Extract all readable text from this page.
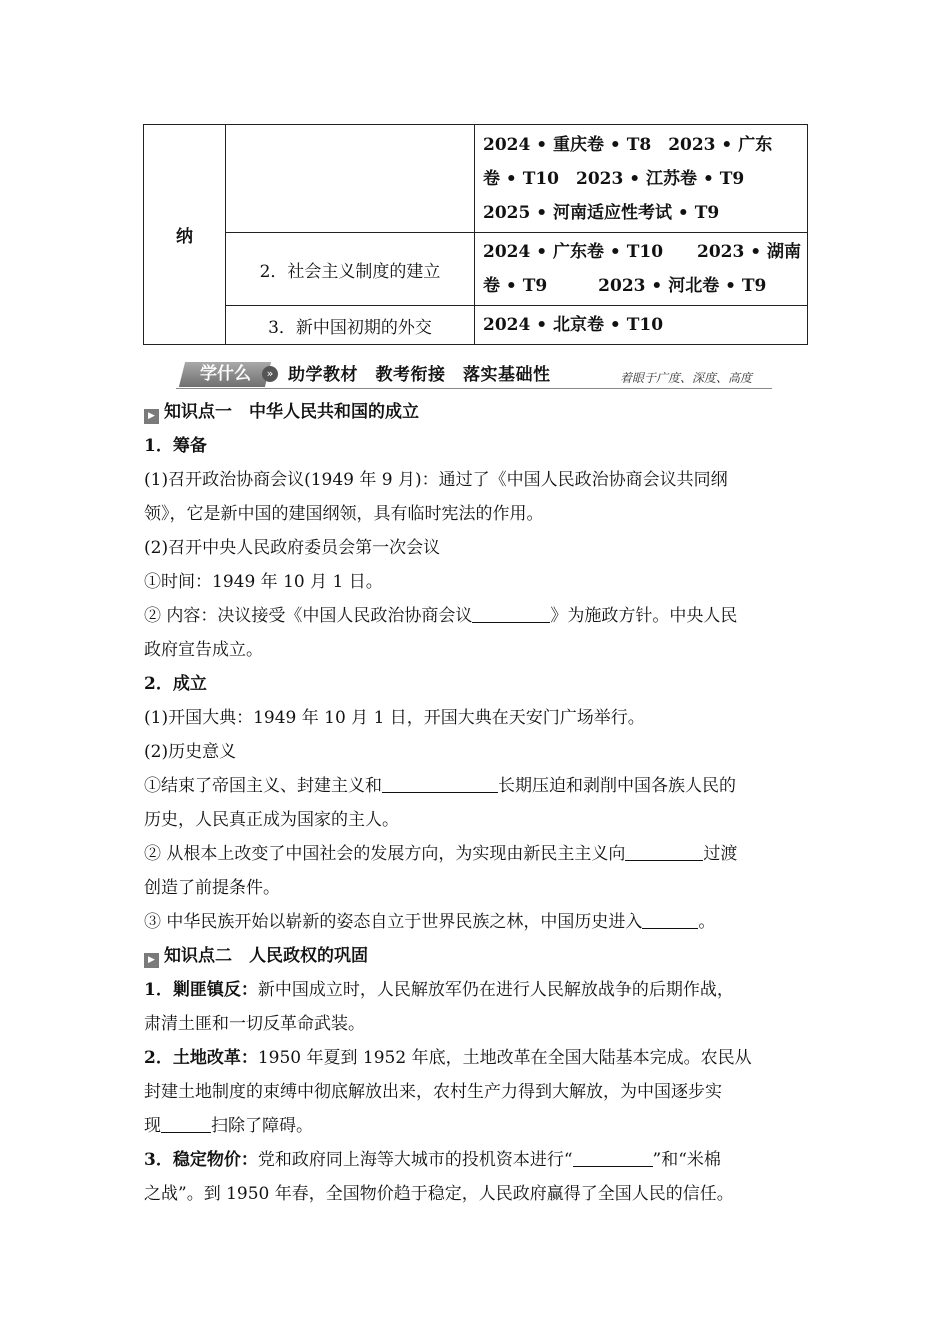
纳		2024 • 重庆卷 • T8　2023 • 广东
卷 • T10　2023 • 江苏卷 • T9
2025 • 河南适应性考试 • T9

	2．社会主义制度的建立	2024 • 广东卷 • T10　　2023 • 湖南
卷 • T9　　　2023 • 河北卷 • T9

	3．新中国初期的外交	2024 • 北京卷 • T10
学什么	» 助学教材　教考衔接　落实基础性	着眼于广度、深度、高度

▶ 知识点一　中华人民共和国的成立

1．筹备

(1)召开政治协商会议(1949 年 9 月)：通过了《中国人民政治协商会议共同纲

领》，它是新中国的建国纲领，具有临时宪法的作用。

(2)召开中央人民政府委员会第一次会议

①时间：1949 年 10 月 1 日。

② 内容：决议接受《中国人民政治协商会议	》为施政方针。中央人民

政府宣告成立。

2．成立

(1)开国大典：1949 年 10 月 1 日，开国大典在天安门广场举行。

(2)历史意义

①结束了帝国主义、封建主义和	长期压迫和剥削中国各族人民的

历史，人民真正成为国家的主人。

② 从根本上改变了中国社会的发展方向，为实现由新民主主义向	过渡

创造了前提条件。

③ 中华民族开始以崭新的姿态自立于世界民族之林，中国历史进入	。

▶ 知识点二　人民政权的巩固

1．剿匪镇反：新中国成立时，人民解放军仍在进行人民解放战争的后期作战，

肃清土匪和一切反革命武装。

2．土地改革：1950 年夏到 1952 年底，土地改革在全国大陆基本完成。农民从

封建土地制度的束缚中彻底解放出来，农村生产力得到大解放，为中国逐步实

现	扫除了障碍。

3．稳定物价：党和政府同上海等大城市的投机资本进行“	”和“米棉

之战”。到 1950 年春，全国物价趋于稳定，人民政府赢得了全国人民的信任。
